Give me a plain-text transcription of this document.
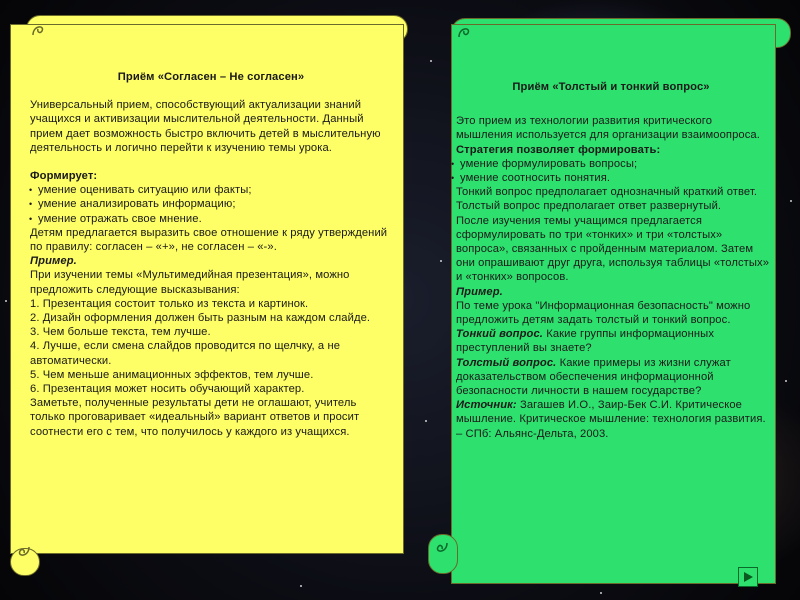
Приём «Согласен – Не согласен»

Универсальный прием, способствующий актуализации знаний учащихся и активизации мыслительной деятельности. Данный прием дает возможность быстро включить детей в мыслительную деятельность и логично перейти к изучению темы урока.

Формирует:

• умение оценивать ситуацию или факты;
• умение анализировать информацию;
• умение отражать свое мнение.

Детям предлагается выразить свое отношение к ряду утверждений по правилу: согласен – «+», не согласен – «-».

Пример.

При изучении темы «Мультимедийная презентация», можно предложить следующие высказывания:

1. Презентация состоит только из текста и картинок.

2. Дизайн оформления должен быть разным на каждом слайде.

3. Чем больше текста, тем лучше.

4. Лучше, если смена слайдов проводится по щелчку, а не автоматически.

5. Чем меньше анимационных эффектов, тем лучше.

6. Презентация может носить обучающий характер.

Заметьте, полученные результаты дети не оглашают, учитель только проговаривает «идеальный» вариант ответов и просит соотнести его с тем, что получилось у каждого из учащихся.

Приём «Толстый и тонкий вопрос»

Это прием из технологии развития критического мышления используется для организации взаимоопроса.

Стратегия позволяет формировать:

• умение формулировать вопросы;
• умение соотносить понятия.

Тонкий вопрос предполагает однозначный краткий ответ.

Толстый вопрос предполагает ответ развернутый.

После изучения темы учащимся предлагается сформулировать по три «тонких» и три «толстых» вопроса», связанных с пройденным материалом. Затем они опрашивают друг друга, используя таблицы «толстых» и «тонких» вопросов.

Пример.

По теме урока "Информационная безопасность" можно предложить детям задать толстый и тонкий вопрос.

Тонкий вопрос. Какие группы информационных преступлений вы знаете?

Толстый вопрос. Какие примеры из жизни служат доказательством обеспечения информационной безопасности личности в нашем государстве?

Источник: Загашев И.О., Заир-Бек С.И. Критическое мышление. Критическое мышление: технология развития. – СПб: Альянс-Дельта, 2003.
